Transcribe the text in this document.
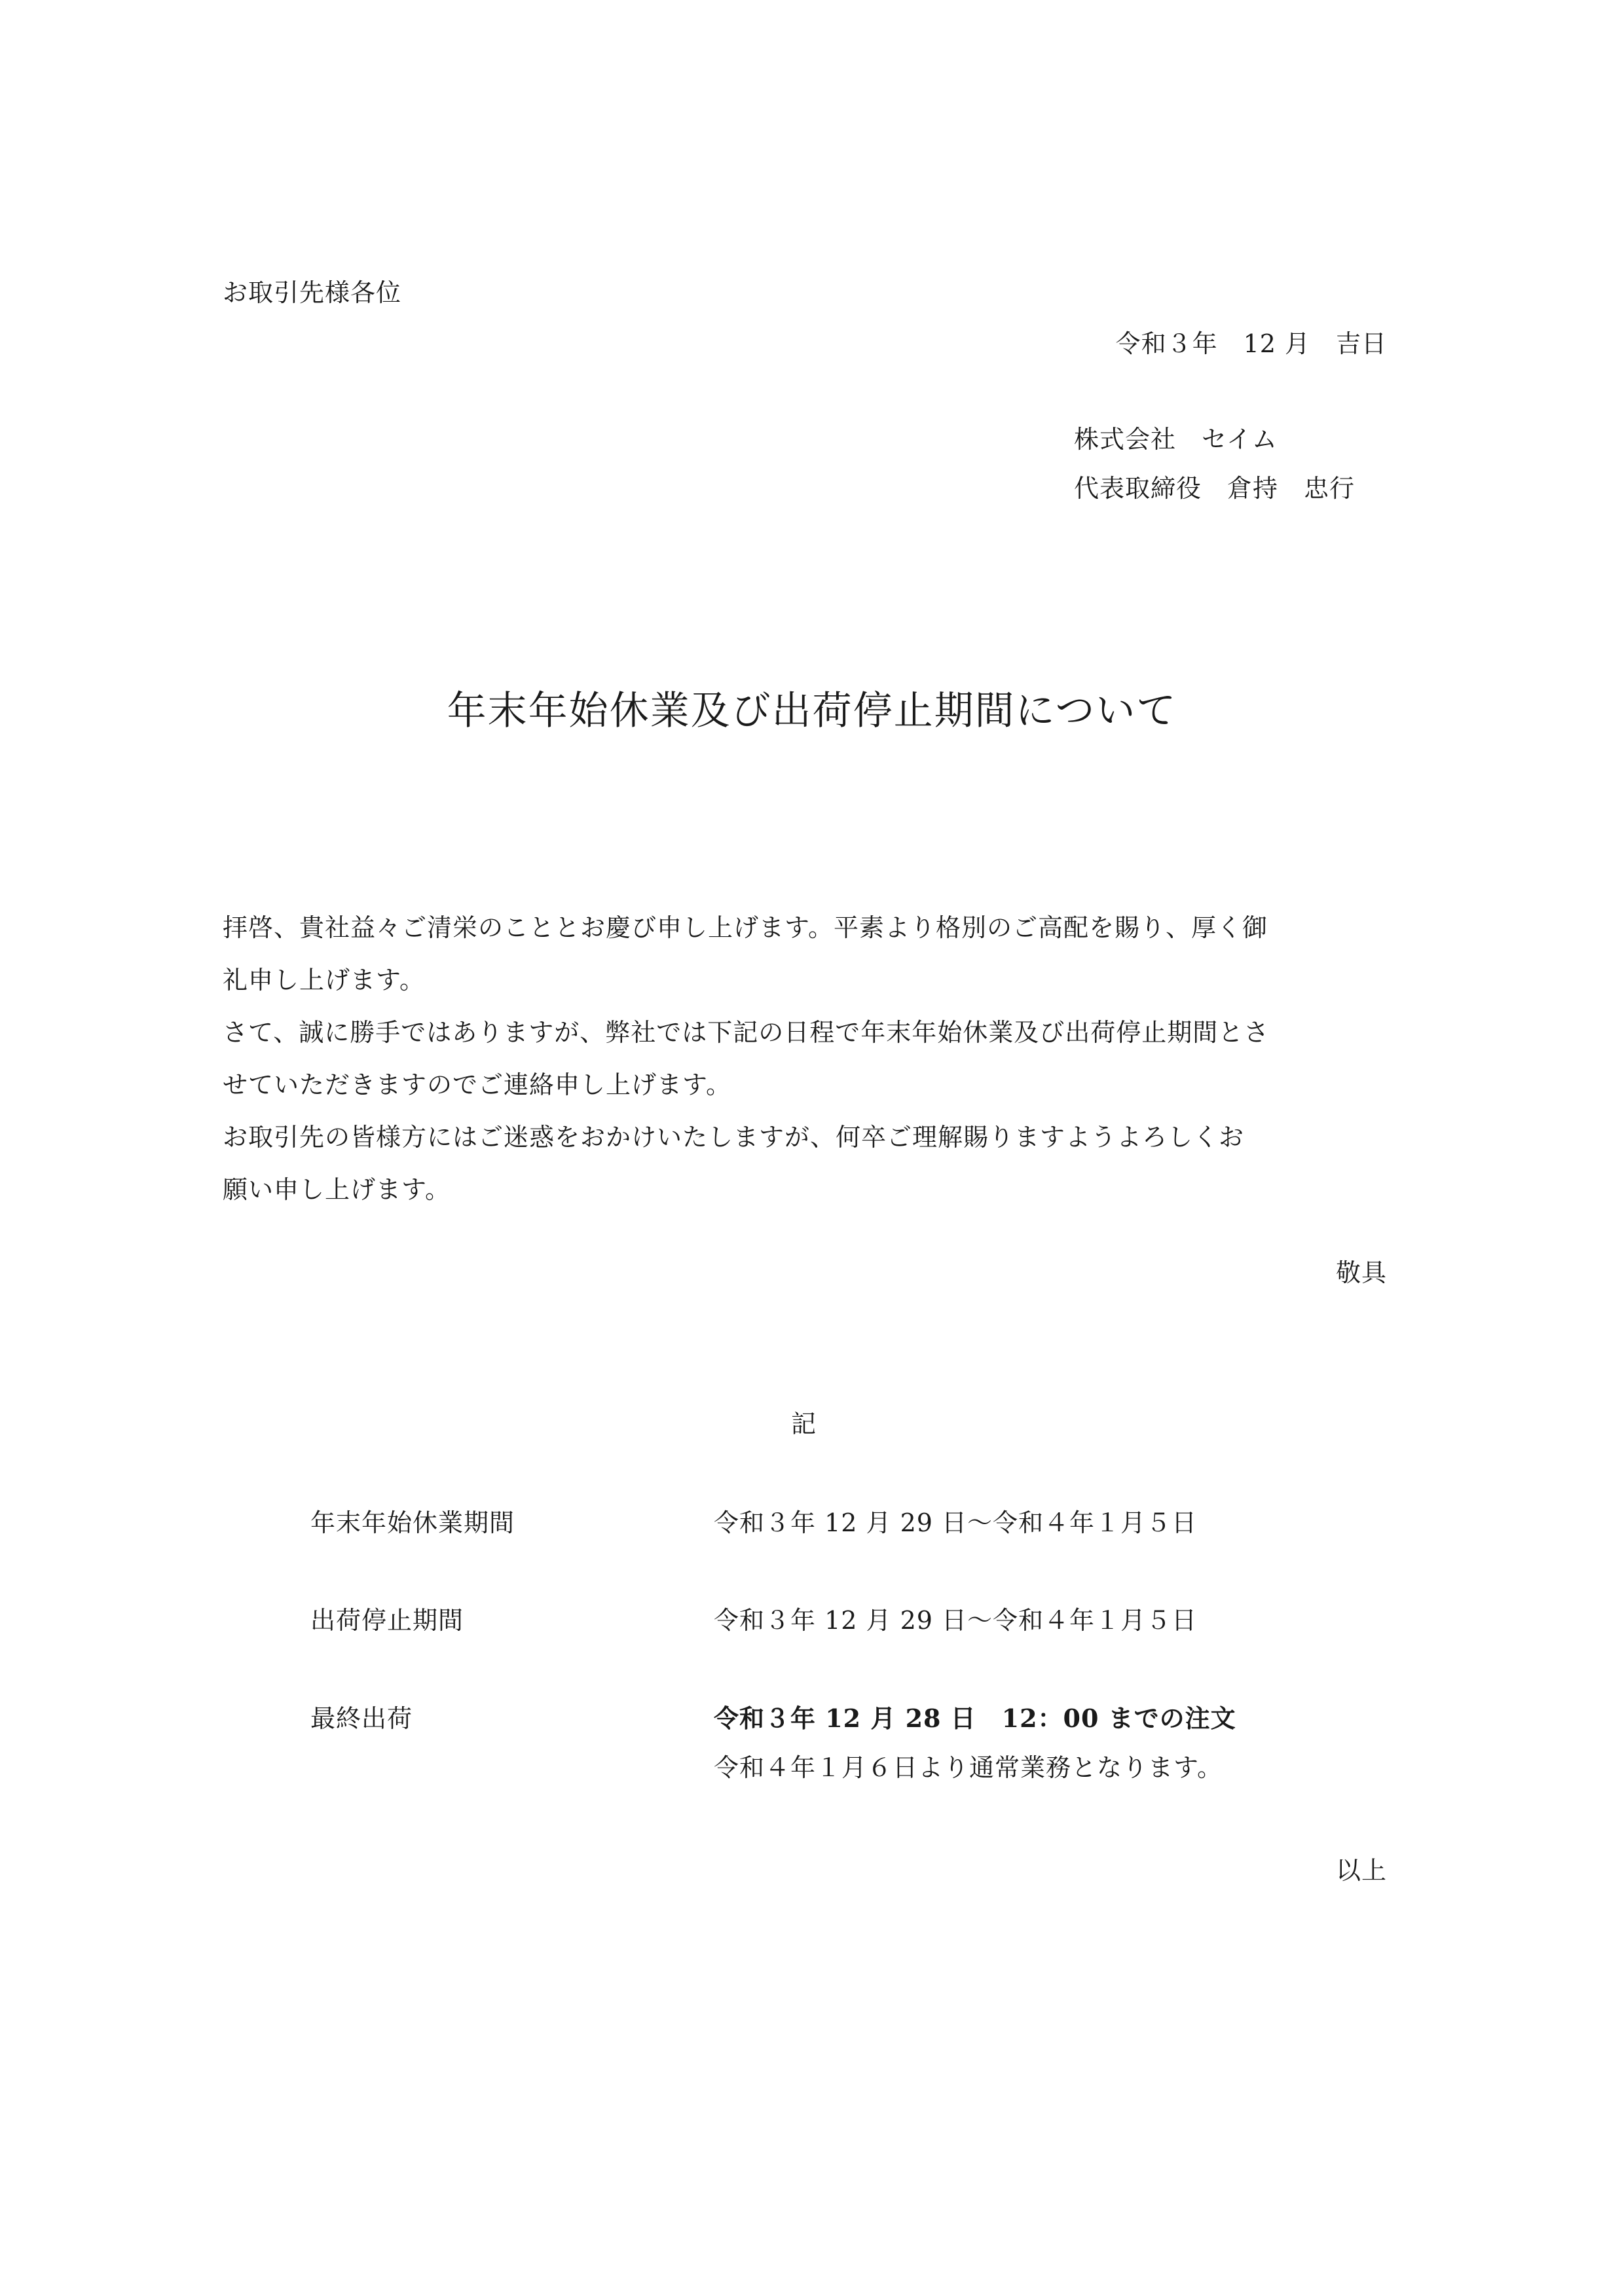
お取引先様各位
令和３年　12 月　吉日
株式会社　セイム
代表取締役　倉持　忠行
年末年始休業及び出荷停止期間について
拝啓、貴社益々ご清栄のこととお慶び申し上げます。平素より格別のご高配を賜り、厚く御
礼申し上げます。
さて、誠に勝手ではありますが、弊社では下記の日程で年末年始休業及び出荷停止期間とさ
せていただきますのでご連絡申し上げます。
お取引先の皆様方にはご迷惑をおかけいたしますが、何卒ご理解賜りますようよろしくお
願い申し上げます。
敬具
記
年末年始休業期間	令和３年 12 月 29 日～令和４年１月５日
出荷停止期間	令和３年 12 月 29 日～令和４年１月５日
最終出荷	令和３年 12 月 28 日　12：00 までの注文
令和４年１月６日より通常業務となります。
以上
